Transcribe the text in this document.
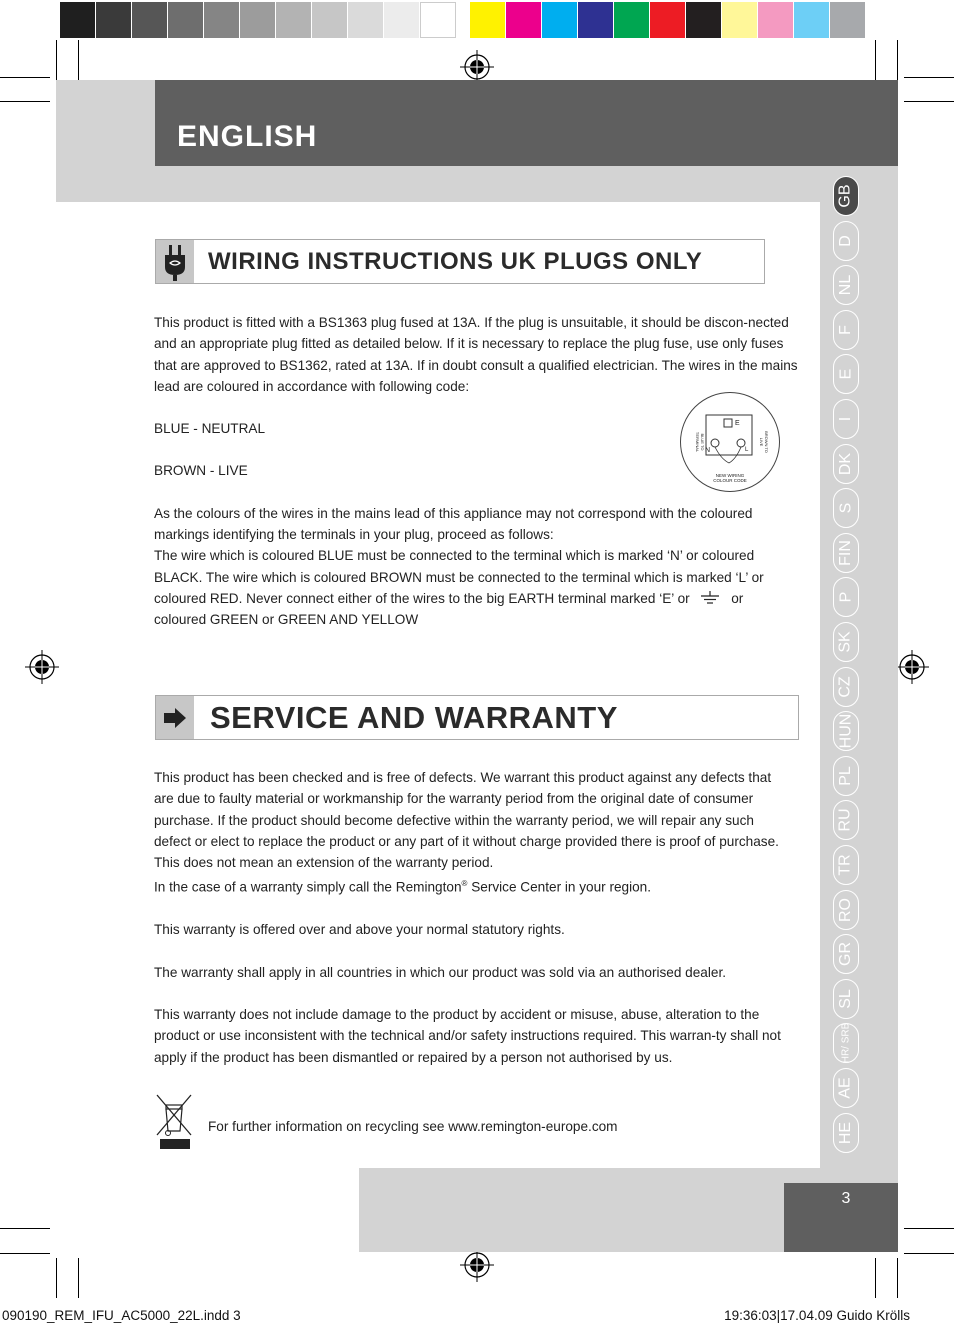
ENGLISH
GB
D
NL
F
E
I
DK
S
FIN
P
SK
CZ
HUN
PL
RU
TR
RO
GR
SL
HR/ SRB
AE
HE
WIRING INSTRUCTIONS UK PLUGS ONLY

This product is fitted with a BS1363 plug fused at 13A. If the plug is unsuitable, it should be discon-nected and an appropriate plug fitted as detailed below. If it is necessary to replace the plug fuse, use only fuses that are approved to BS1362, rated at 13A. If in doubt consult a qualified electrician. The wires in the mains lead are coloured in accordance with following code:

BLUE - NEUTRAL

BROWN - LIVE

As the colours of the wires in the mains lead of this appliance may not correspond with the coloured markings identifying the terminals in your plug, proceed as follows:

The wire which is coloured BLUE must be connected to the terminal which is marked ‘N’ or coloured BLACK. The wire which is coloured BROWN must be connected to the terminal which is marked ‘L’ or coloured RED. Never connect either of the wires to the big EARTH terminal marked ‘E’ or	or

coloured GREEN or GREEN AND YELLOW

E
N	L
BLUE TO TERMINAL	BROWN TO LIVE
NEW WIRING COLOUR CODE
SERVICE AND WARRANTY

This product has been checked and is free of defects. We warrant this product against any defects that are due to faulty material or workmanship for the warranty period from the original date of consumer purchase. If the product should become defective within the warranty period, we will repair any such defect or elect to replace the product or any part of it without charge provided there is proof of purchase. This does not mean an extension of the warranty period.

In the case of a warranty simply call the Remington® Service Center in your region.

This warranty is offered over and above your normal statutory rights.

The warranty shall apply in all countries in which our product was sold via an authorised dealer.

This warranty does not include damage to the product by accident or misuse, abuse, alteration to the product or use inconsistent with the technical and/or safety instructions required. This warran-ty shall not apply if the product has been dismantled or repaired by a person not authorised by us.

For further information on recycling see www.remington-europe.com
3
090190_REM_IFU_AC5000_22L.indd 3	19:36:03|17.04.09 Guido Krölls
